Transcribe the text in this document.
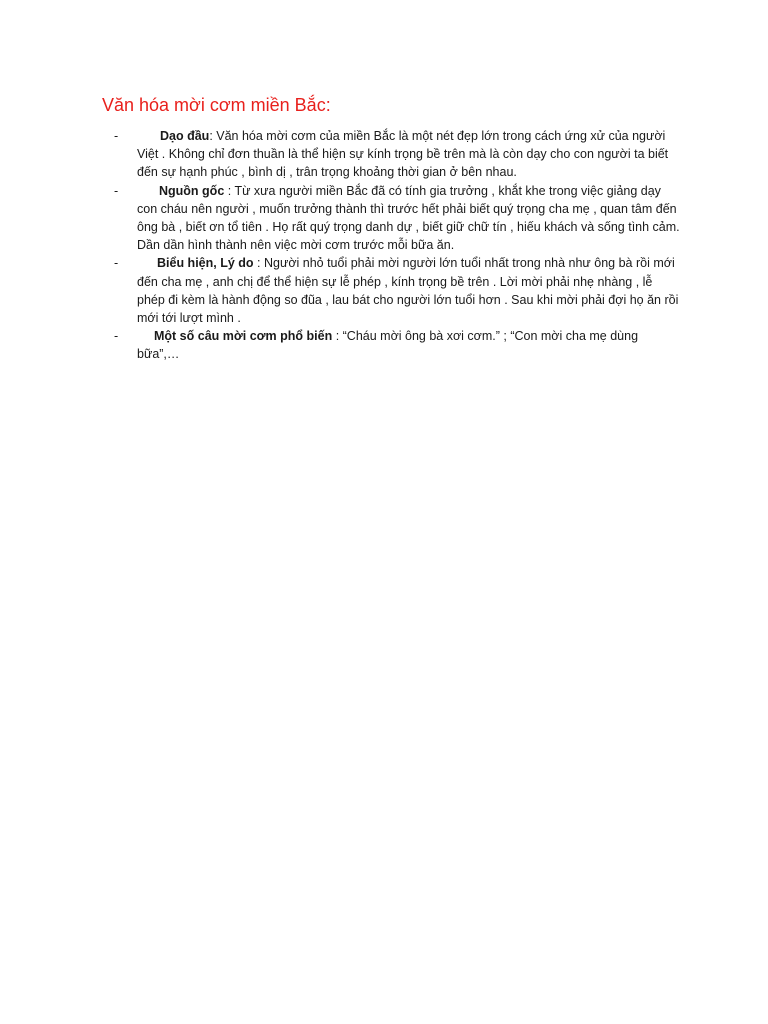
Văn hóa mời cơm miền Bắc:
-	Dạo đầu: Văn hóa mời cơm của miền Bắc là một nét đẹp lớn trong cách ứng xử của người Việt . Không chỉ đơn thuần là thể hiện sự kính trọng bề trên mà là còn dạy cho con người ta biết đến sự hạnh phúc , bình dị , trân trọng khoảng thời gian ở bên nhau.
-	Nguồn gốc : Từ xưa người miền Bắc đã có tính gia trưởng , khắt khe trong việc giảng dạy con cháu nên người , muốn trưởng thành thì trước hết phải biết quý trọng cha mẹ , quan tâm đến ông bà , biết ơn tổ tiên . Họ rất quý trọng danh dự , biết giữ chữ tín , hiếu khách và sống tình cảm. Dần dần hình thành nên việc mời cơm trước mỗi bữa ăn.
-	Biểu hiện, Lý do : Người nhỏ tuổi phải mời người lớn tuổi nhất trong nhà như ông bà rồi mới đến cha mẹ , anh chị để thể hiện sự lễ phép , kính trọng bề trên . Lời mời phải nhẹ nhàng , lễ phép đi kèm là hành động so đũa , lau bát cho người lớn tuổi hơn . Sau khi mời phải đợi họ ăn rồi mới tới lượt mình .
-	Một số câu mời cơm phổ biến : “Cháu mời ông bà xơi cơm.” ; “Con mời cha mẹ dùng bữa”,…
